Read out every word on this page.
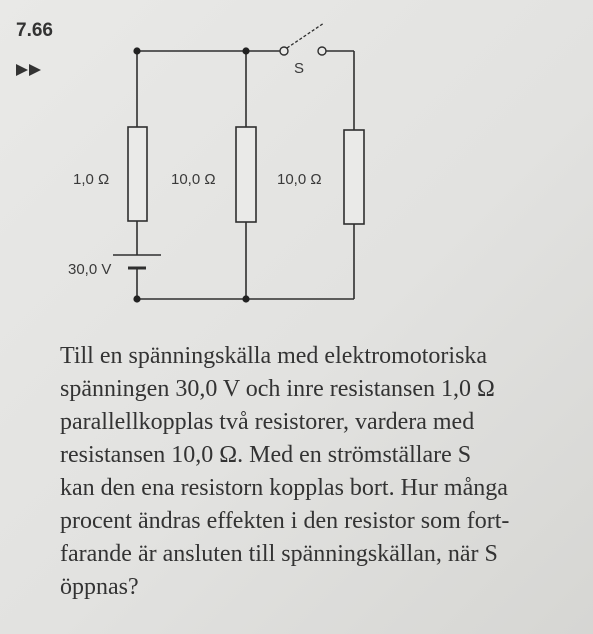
7.66
S
1,0 Ω	10,0 Ω	10,0 Ω
30,0 V
Till en spänningskälla med elektromotoriska
spänningen 30,0 V och inre resistansen 1,0 Ω
parallellkopplas två resistorer, vardera med
resistansen 10,0 Ω. Med en strömställare S
kan den ena resistorn kopplas bort. Hur många
procent ändras effekten i den resistor som fort-
farande är ansluten till spänningskällan, när S
öppnas?
